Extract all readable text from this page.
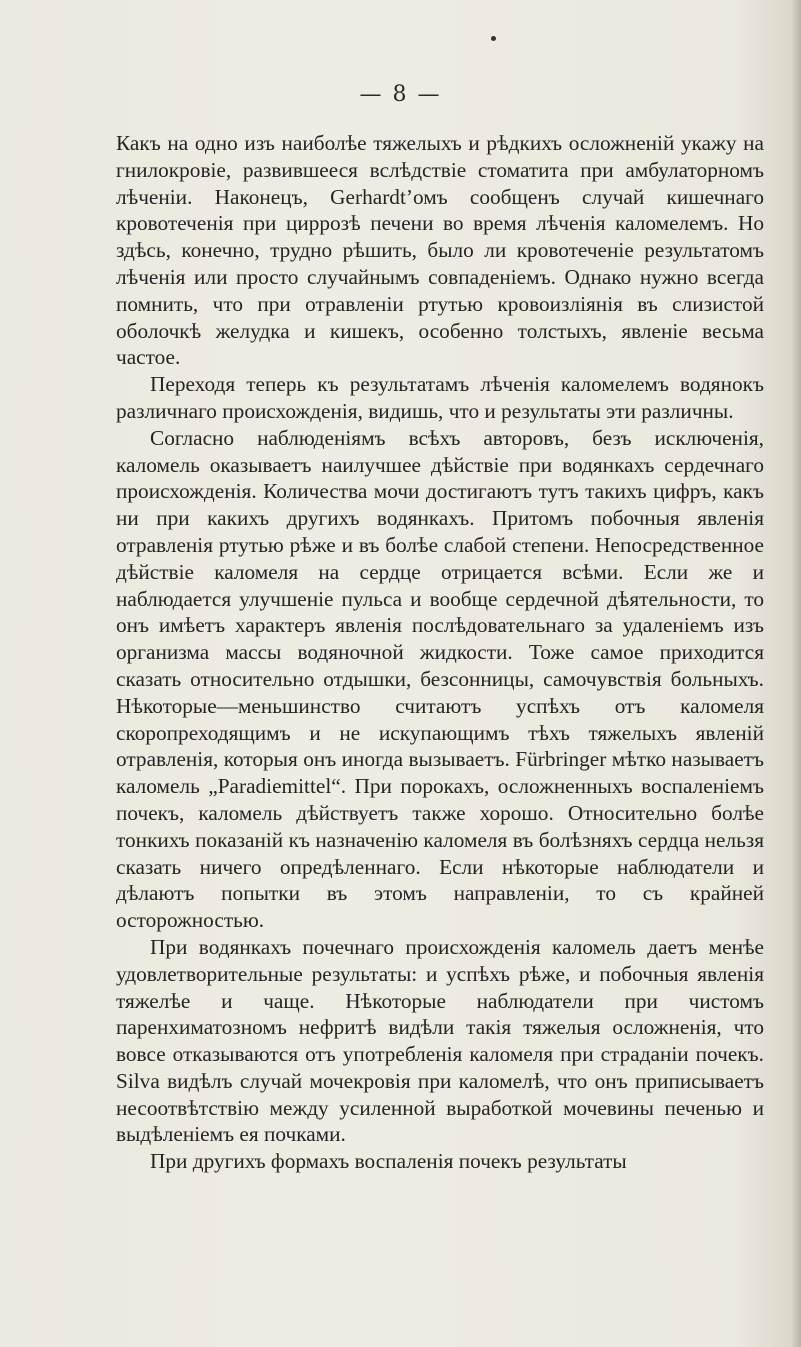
— 8 —

Какъ на одно изъ наиболѣе тяжелыхъ и рѣдкихъ осложненій укажу на гнилокровіе, развившееся вслѣдствіе стоматита при амбулаторномъ лѣченіи. Наконецъ, Gerhardt’омъ сообщенъ случай кишечнаго кровотеченія при циррозѣ печени во время лѣченія каломелемъ. Но здѣсь, конечно, трудно рѣшить, было ли кровотеченіе результатомъ лѣченія или просто случайнымъ совпаденіемъ. Однако нужно всегда помнить, что при отравленіи ртутью кровоизліянія въ слизистой оболочкѣ желудка и кишекъ, особенно толстыхъ, явленіе весьма частое.

Переходя теперь къ результатамъ лѣченія каломелемъ водянокъ различнаго происхожденія, видишь, что и результаты эти различны.

Согласно наблюденіямъ всѣхъ авторовъ, безъ исключенія, каломель оказываетъ наилучшее дѣйствіе при водянкахъ сердечнаго происхожденія. Количества мочи достигаютъ тутъ такихъ цифръ, какъ ни при какихъ другихъ водянкахъ. Притомъ побочныя явленія отравленія ртутью рѣже и въ болѣе слабой степени. Непосредственное дѣйствіе каломеля на сердце отрицается всѣми. Если же и наблюдается улучшеніе пульса и вообще сердечной дѣятельности, то онъ имѣетъ характеръ явленія послѣдовательнаго за удаленіемъ изъ организма массы водяночной жидкости. Тоже самое приходится сказать относительно отдышки, безсонницы, самочувствія больныхъ. Нѣкоторые—меньшинство считаютъ успѣхъ отъ каломеля скоропреходящимъ и не искупающимъ тѣхъ тяжелыхъ явленій отравленія, которыя онъ иногда вызываетъ. Fürbringer мѣтко называетъ каломель „Paradiemittel“. При порокахъ, осложненныхъ воспаленіемъ почекъ, каломель дѣйствуетъ также хорошо. Относительно болѣе тонкихъ показаній къ назначенію каломеля въ болѣзняхъ сердца нельзя сказать ничего опредѣленнаго. Если нѣкоторые наблюдатели и дѣлаютъ попытки въ этомъ направленіи, то съ крайней осторожностью.

При водянкахъ почечнаго происхожденія каломель даетъ менѣе удовлетворительные результаты: и успѣхъ рѣже, и побочныя явленія тяжелѣе и чаще. Нѣкоторые наблюдатели при чистомъ паренхиматозномъ нефритѣ видѣли такія тяжелыя осложненія, что вовсе отказываются отъ употребленія каломеля при страданіи почекъ. Silva видѣлъ случай мочекровія при каломелѣ, что онъ приписываетъ несоотвѣтствію между усиленной выработкой мочевины печенью и выдѣленіемъ ея почками.

При другихъ формахъ воспаленія почекъ результаты
